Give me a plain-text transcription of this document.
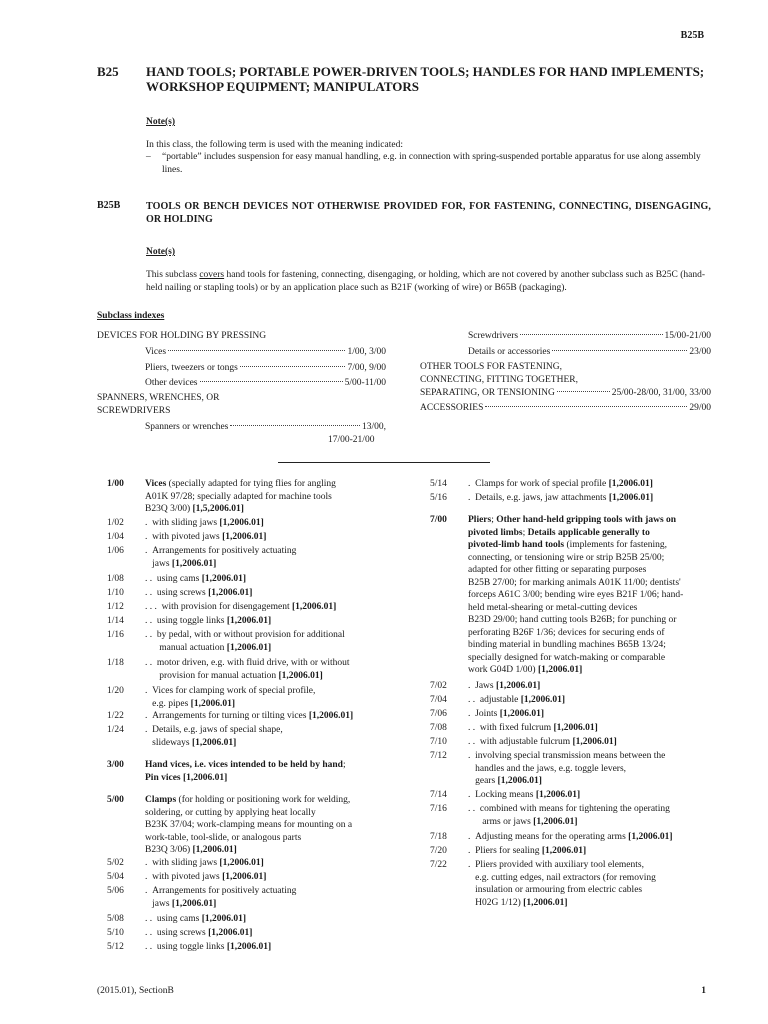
B25B
B25 HAND TOOLS; PORTABLE POWER-DRIVEN TOOLS; HANDLES FOR HAND IMPLEMENTS; WORKSHOP EQUIPMENT; MANIPULATORS
Note(s)
In this class, the following term is used with the meaning indicated:
– “portable” includes suspension for easy manual handling, e.g. in connection with spring-suspended portable apparatus for use along assembly lines.
B25B	TOOLS OR BENCH DEVICES NOT OTHERWISE PROVIDED FOR, FOR FASTENING, CONNECTING, DISENGAGING, OR HOLDING
Note(s)
This subclass covers hand tools for fastening, connecting, disengaging, or holding, which are not covered by another subclass such as B25C (hand-held nailing or stapling tools) or by an application place such as B21F (working of wire) or B65B (packaging).
Subclass indexes
DEVICES FOR HOLDING BY PRESSING
Vices	1/00, 3/00
Pliers, tweezers or tongs	7/00, 9/00
Other devices	5/00-11/00
SPANNERS, WRENCHES, OR
SCREWDRIVERS
Spanners or wrenches	13/00,
17/00-21/00
Screwdrivers	15/00-21/00
Details or accessories	23/00
OTHER TOOLS FOR FASTENING,
CONNECTING, FITTING TOGETHER,
SEPARATING, OR TENSIONING	25/00-28/00, 31/00, 33/00
ACCESSORIES	29/00
1/00 Vices (specially adapted for tying flies for angling
A01K 97/28; specially adapted for machine tools
B23Q 3/00) [1,5,2006.01]
1/02 .  with sliding jaws [1,2006.01]
1/04 .  with pivoted jaws [1,2006.01]
1/06 .  Arrangements for positively actuating
jaws [1,2006.01]
1/08 . .  using cams [1,2006.01]
1/10 . .  using screws [1,2006.01]
1/12 . . .  with provision for disengagement [1,2006.01]
1/14 . .  using toggle links [1,2006.01]
1/16 . .  by pedal, with or without provision for additional
manual actuation [1,2006.01]
1/18 . .  motor driven, e.g. with fluid drive, with or without
provision for manual actuation [1,2006.01]
1/20 .  Vices for clamping work of special profile,
e.g. pipes [1,2006.01]
1/22 .  Arrangements for turning or tilting vices [1,2006.01]
1/24 .  Details, e.g. jaws of special shape,
slideways [1,2006.01]
3/00 Hand vices, i.e. vices intended to be held by hand;
Pin vices [1,2006.01]
5/00 Clamps (for holding or positioning work for welding,
soldering, or cutting by applying heat locally
B23K 37/04; work-clamping means for mounting on a
work-table, tool-slide, or analogous parts
B23Q 3/06) [1,2006.01]
5/02 .  with sliding jaws [1,2006.01]
5/04 .  with pivoted jaws [1,2006.01]
5/06 .  Arrangements for positively actuating
jaws [1,2006.01]
5/08 . .  using cams [1,2006.01]
5/10 . .  using screws [1,2006.01]
5/12 . .  using toggle links [1,2006.01]
5/14 .  Clamps for work of special profile [1,2006.01]
5/16 .  Details, e.g. jaws, jaw attachments [1,2006.01]
7/00 Pliers; Other hand-held gripping tools with jaws on
pivoted limbs; Details applicable generally to
pivoted-limb hand tools (implements for fastening,
connecting, or tensioning wire or strip B25B 25/00;
adapted for other fitting or separating purposes
B25B 27/00; for marking animals A01K 11/00; dentists'
forceps A61C 3/00; bending wire eyes B21F 1/06; hand-
held metal-shearing or metal-cutting devices
B23D 29/00; hand cutting tools B26B; for punching or
perforating B26F 1/36; devices for securing ends of
binding material in bundling machines B65B 13/24;
specially designed for watch-making or comparable
work G04D 1/00) [1,2006.01]
7/02 .  Jaws [1,2006.01]
7/04 . .  adjustable [1,2006.01]
7/06 .  Joints [1,2006.01]
7/08 . .  with fixed fulcrum [1,2006.01]
7/10 . .  with adjustable fulcrum [1,2006.01]
7/12 .  involving special transmission means between the
handles and the jaws, e.g. toggle levers,
gears [1,2006.01]
7/14 .  Locking means [1,2006.01]
7/16 . .  combined with means for tightening the operating
arms or jaws [1,2006.01]
7/18 .  Adjusting means for the operating arms [1,2006.01]
7/20 .  Pliers for sealing [1,2006.01]
7/22 .  Pliers provided with auxiliary tool elements,
e.g. cutting edges, nail extractors (for removing
insulation or armouring from electric cables
H02G 1/12) [1,2006.01]
(2015.01), SectionB	1
